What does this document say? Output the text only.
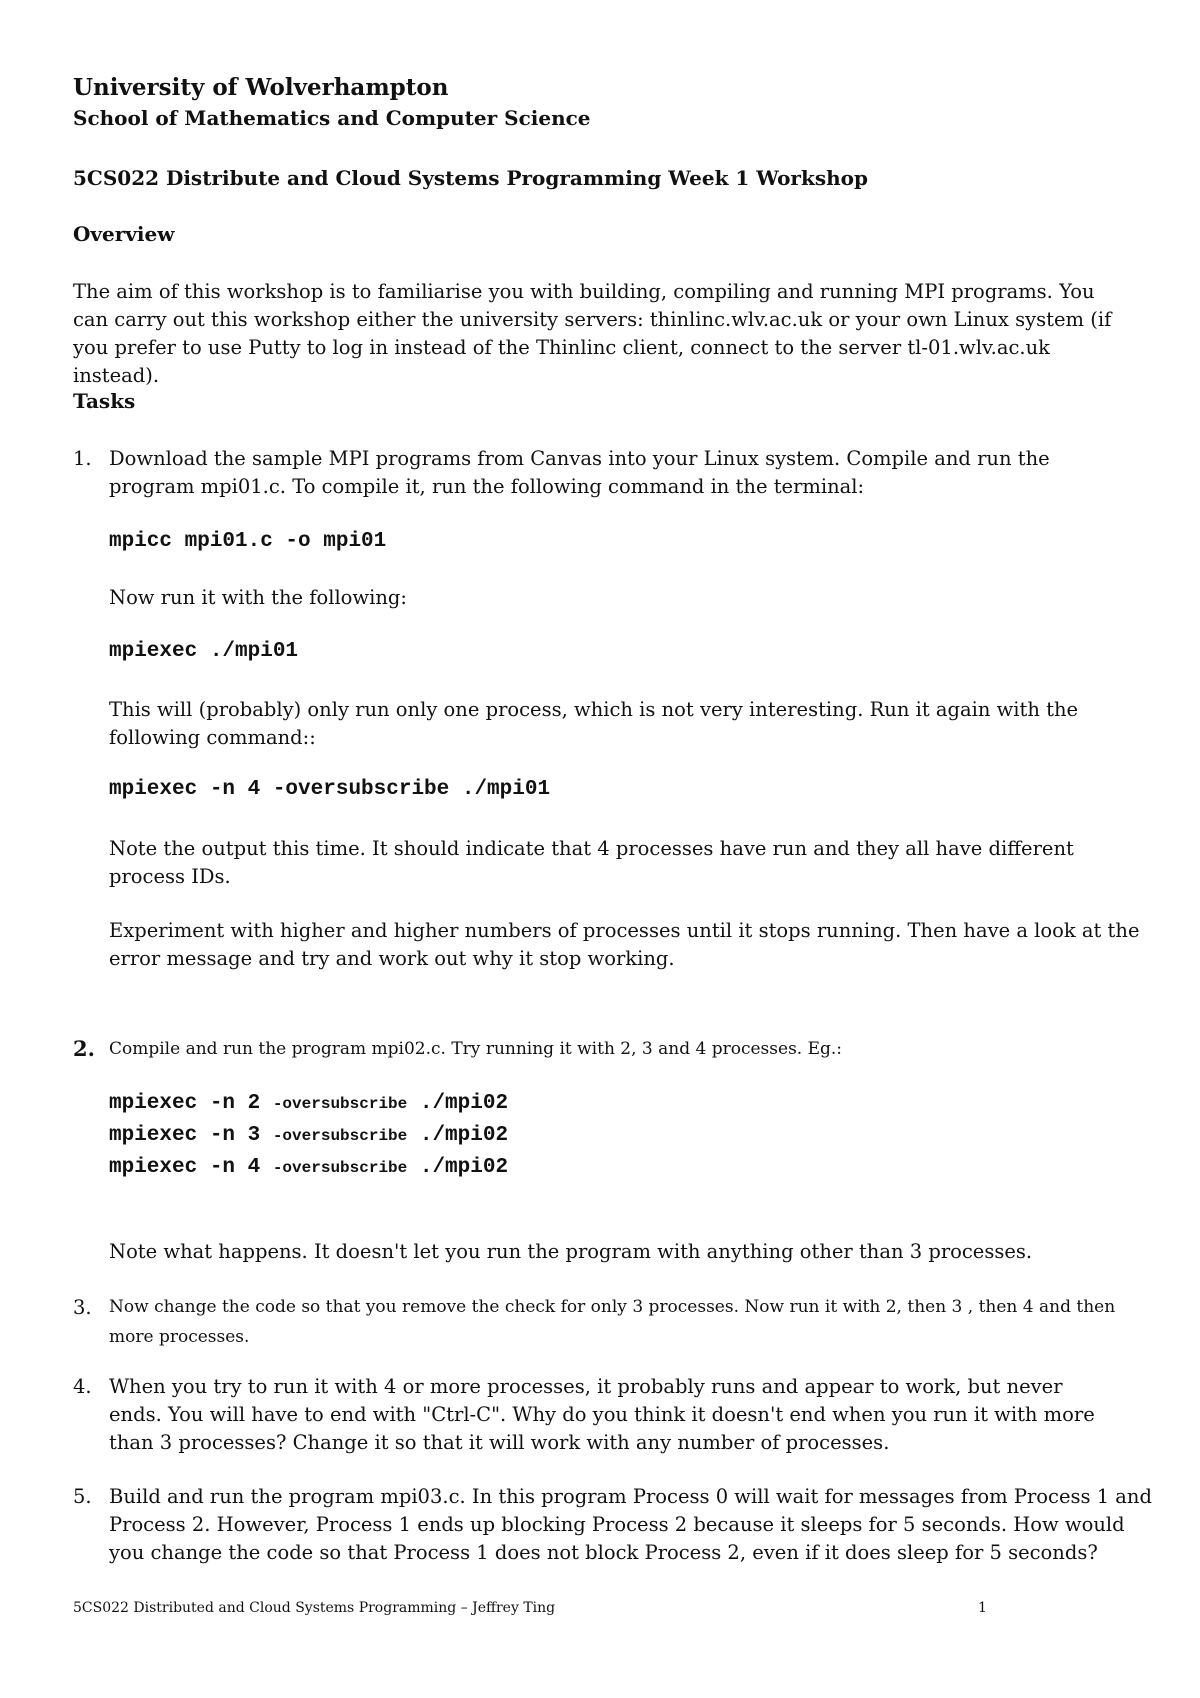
University of Wolverhampton
School of Mathematics and Computer Science
5CS022 Distribute and Cloud Systems Programming Week 1 Workshop
Overview
The aim of this workshop is to familiarise you with building, compiling and running MPI programs. You can carry out this workshop either the university servers: thinlinc.wlv.ac.uk or your own Linux system (if you prefer to use Putty to log in instead of the Thinlinc client, connect to the server tl-01.wlv.ac.uk instead).
Tasks
1. Download the sample MPI programs from Canvas into your Linux system. Compile and run the program mpi01.c. To compile it, run the following command in the terminal:
mpicc mpi01.c -o mpi01
Now run it with the following:
mpiexec ./mpi01
This will (probably) only run only one process, which is not very interesting. Run it again with the following command::
mpiexec -n 4 -oversubscribe ./mpi01
Note the output this time. It should indicate that 4 processes have run and they all have different process IDs.
Experiment with higher and higher numbers of processes until it stops running. Then have a look at the error message and try and work out why it stop working.
2. Compile and run the program mpi02.c. Try running it with 2, 3 and 4 processes. Eg.:
mpiexec -n 2 -oversubscribe ./mpi02
mpiexec -n 3 -oversubscribe ./mpi02
mpiexec -n 4 -oversubscribe ./mpi02
Note what happens. It doesn't let you run the program with anything other than 3 processes.
3. Now change the code so that you remove the check for only 3 processes. Now run it with 2, then 3 , then 4 and then more processes.
4. When you try to run it with 4 or more processes, it probably runs and appear to work, but never ends. You will have to end with "Ctrl-C". Why do you think it doesn't end when you run it with more than 3 processes? Change it so that it will work with any number of processes.
5. Build and run the program mpi03.c. In this program Process 0 will wait for messages from Process 1 and Process 2. However, Process 1 ends up blocking Process 2 because it sleeps for 5 seconds. How would you change the code so that Process 1 does not block Process 2, even if it does sleep for 5 seconds?
5CS022 Distributed and Cloud Systems Programming – Jeffrey Ting	1
